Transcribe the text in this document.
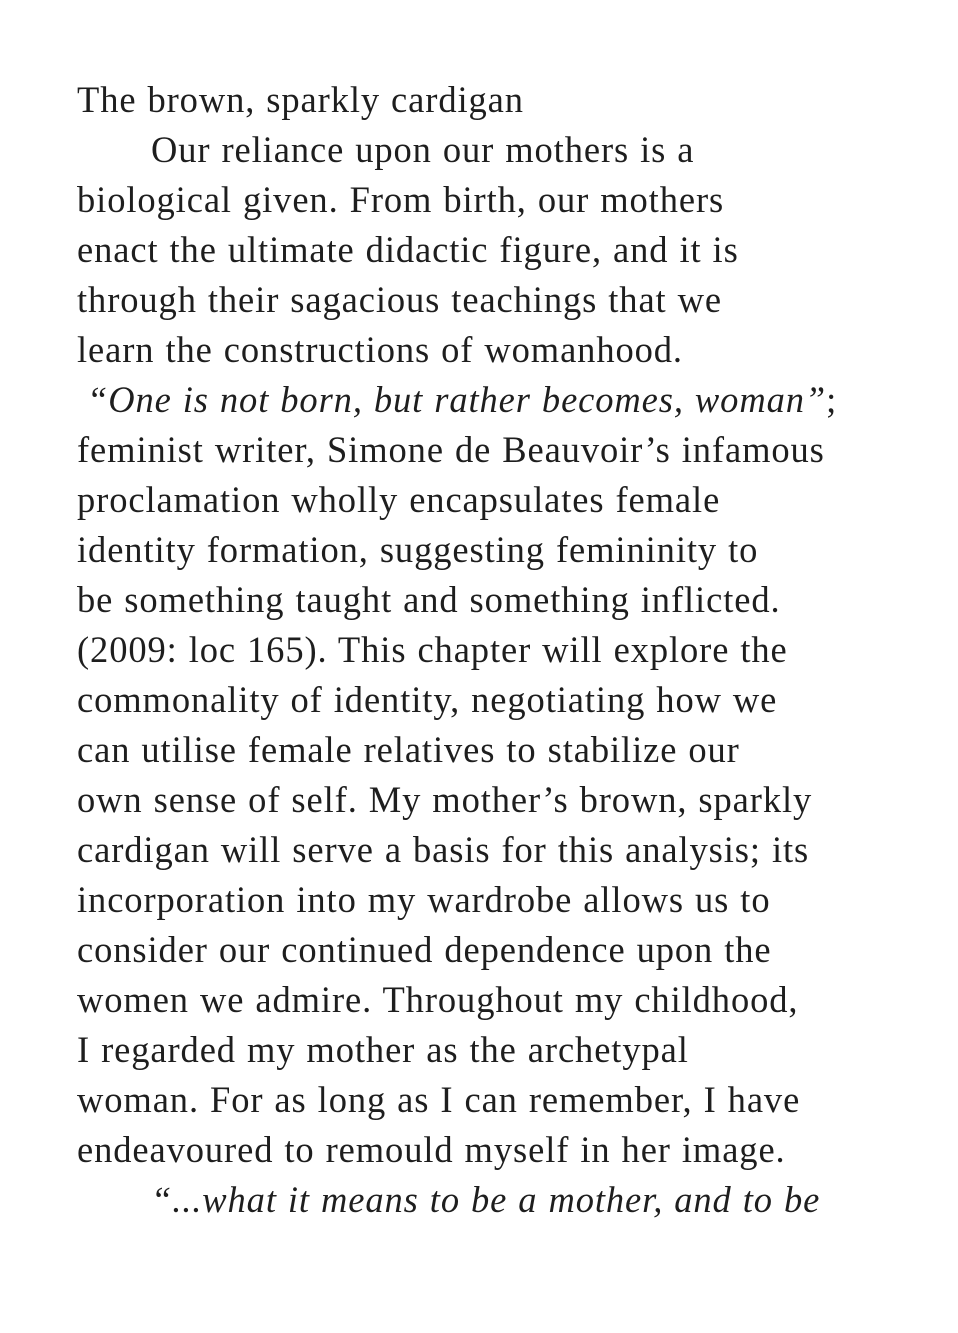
The brown, sparkly cardigan
Our reliance upon our mothers is a
biological given. From birth, our mothers
enact the ultimate didactic figure, and it is
through their sagacious teachings that we
learn the constructions of womanhood.
“One is not born, but rather becomes, woman”;
feminist writer, Simone de Beauvoir’s infamous
proclamation wholly encapsulates female
identity formation, suggesting femininity to
be something taught and something inflicted.
(2009: loc 165). This chapter will explore the
commonality of identity, negotiating how we
can utilise female relatives to stabilize our
own sense of self. My mother’s brown, sparkly
cardigan will serve a basis for this analysis; its
incorporation into my wardrobe allows us to
consider our continued dependence upon the
women we admire. Throughout my childhood,
I regarded my mother as the archetypal
woman. For as long as I can remember, I have
endeavoured to remould myself in her image.
“...what it means to be a mother, and to be
